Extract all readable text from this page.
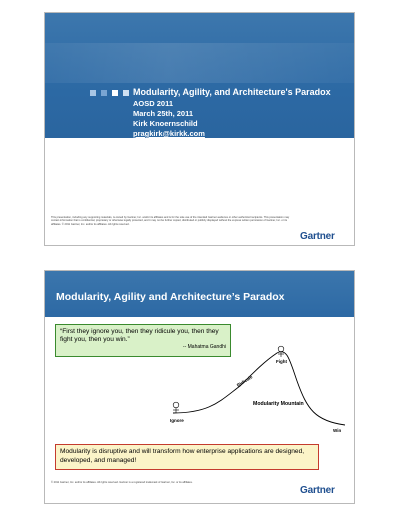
Modularity, Agility, and Architecture's Paradox
AOSD 2011
March 25th, 2011
Kirk Knoernschild
pragkirk@kirkk.com
This presentation, including any supporting materials, is owned by Gartner, Inc. and/or its affiliates and is for the sole use of the intended Gartner audience or other authorized recipients. This presentation may contain information that is confidential, proprietary or otherwise legally protected, and it may not be further copied, distributed or publicly displayed without the express written permission of Gartner, Inc. or its affiliates. © 2011 Gartner, Inc. and/or its affiliates. All rights reserved.
Gartner
Modularity, Agility and Architecture’s Paradox
“First they ignore you, then they ridicule you, then they fight you, then you win.”
-- Mahatma Gandhi
Ignore
Ridicule
Fight
Modularity Mountain
Win
Modularity is disruptive and will transform how enterprise applications are designed, developed, and managed!
© 2011 Gartner, Inc. and/or its affiliates. All rights reserved. Gartner is a registered trademark of Gartner, Inc. or its affiliates.
Gartner
